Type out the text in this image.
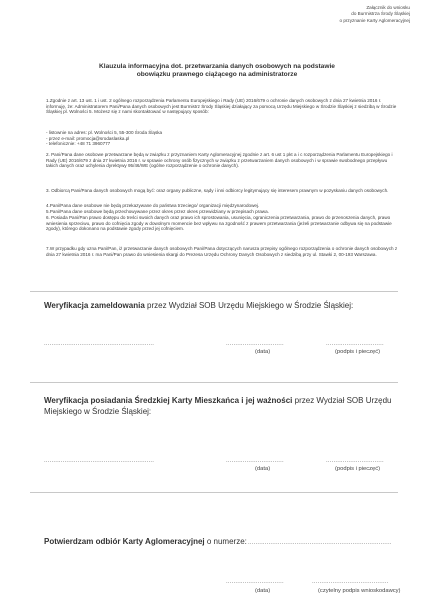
Załącznik do wniosku
do Burmistrza Środy Śląskiej
o przyznanie Karty Aglomeracyjnej
Klauzula informacyjna dot. przetwarzania danych osobowych na podstawie
obowiązku prawnego ciążącego na administratorze

1.Zgodnie z art. 13 ust. 1 i ust. 2 ogólnego rozporządzenia Parlamentu Europejskiego i Rady (UE) 2016/679 o ochronie danych osobowych z dnia 27 kwietnia 2016 r. informuję, że: Administratorem Pani/Pana danych osobowych jest Burmistrz Środy Śląskiej działający za pomocą Urzędu Miejskiego w Środzie Śląskiej z siedzibą w Środzie Śląskiej pl. Wolności 5. Możesz się z nami skontaktować w następujący sposób:

- listownie na adres: pl. Wolności 5, 55-300 Środa Śląska

- przez e-mail: promocja@srodaslaska.pl

- telefonicznie: +48 71 3960777

2. Pani/Pana dane osobowe przetwarzane będą w związku z przyznaniem Karty Aglomeracyjnej zgodnie z art. 6 ust 1 pkt a i c rozporządzenia Parlamentu Europejskiego i Rady (UE) 2016/679 z dnia 27 kwietnia 2016 r. w sprawie ochrony osób fizycznych w związku z przetwarzaniem danych osobowych i w sprawie swobodnego przepływu takich danych oraz uchylenia dyrektywy 95/46/WE (ogólne rozporządzenie o ochronie danych).

3. Odbiorcą Pani/Pana danych osobowych mogą być: oraz organy publiczne, sądy i inni odbiorcy legitymujący się interesem prawnym w pozyskaniu danych osobowych.

4.Pani/Pana dane osobowe nie będą przekazywane do państwa trzeciego/ organizacji międzynarodowej.

5.Pani/Pana dane osobowe będą przechowywane przez okres przez okres przewidziany w przepisach prawa.

6. Posiada Pani/Pan prawo dostępu do treści swoich danych oraz prawo ich sprostowania, usunięcia, ograniczenia przetwarzania, prawo do przenoszenia danych, prawo wniesienia sprzeciwu, prawo do cofnięcia zgody w dowolnym momencie bez wpływu na zgodność z prawem przetwarzania (jeżeli przetwarzanie odbywa się na podstawie zgody), którego dokonano na podstawie zgody przed jej cofnięciem.

7.W przypadku gdy uzna Pani/Pan, iż przetwarzanie danych osobowych Pani/Pana dotyczących narusza przepisy ogólnego rozporządzenia o ochronie danych osobowych z dnia 27 kwietnia 2016 r. ma Pani/Pan prawo do wniesienia skargi do Prezesa Urzędu Ochrony Danych Osobowych z siedzibą przy ul. Stawki 2, 00-193 Warszawa.

Weryfikacja zameldowania przez Wydział SOB Urzędu Miejskiego w Środzie Śląskiej:
...........................................................	...............................	...............................
(data)	(podpis i pieczęć)
Weryfikacja posiadania Średzkiej Karty Mieszkańca i jej ważności przez Wydział SOB Urzędu Miejskiego w Środzie Śląskiej:
...........................................................	...............................	...............................
(data)	(podpis i pieczęć)
Potwierdzam odbiór Karty Aglomeracyjnej o numerze: .............................................................................
...............................	.........................................
(data)	(czytelny podpis wnioskodawcy)
